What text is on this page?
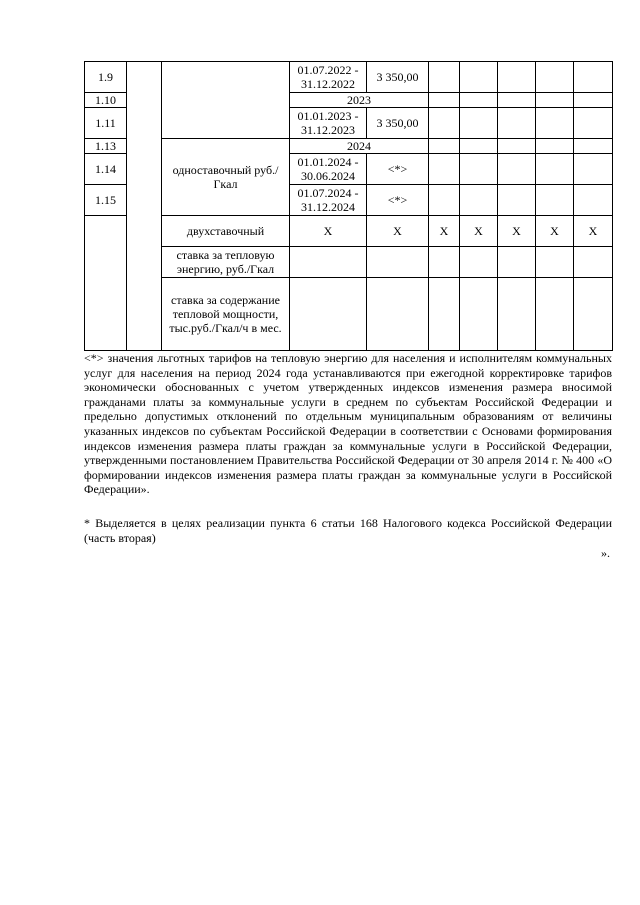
1.9			01.07.2022 - 31.12.2022	3 350,00						
1.10			2023							
1.11			01.01.2023 - 31.12.2023	3 350,00						
1.13		одноставочный руб./Гкал	2024							
1.14			01.01.2024 - 30.06.2024	<*>						
1.15			01.07.2024 - 31.12.2024	<*>						
		двухставочный	Х	Х	Х	Х	Х	Х	Х	
		ставка за тепловую энергию, руб./Гкал								
		ставка за содержание тепловой мощности, тыс.руб./Гкал/ч в мес.								

<*> значения льготных тарифов на тепловую энергию для населения и исполнителям коммунальных услуг для населения на период 2024 года устанавливаются при ежегодной корректировке тарифов экономически обоснованных с учетом утвержденных индексов изменения размера вносимой гражданами платы за коммунальные услуги в среднем по субъектам Российской Федерации и предельно допустимых отклонений по отдельным муниципальным образованиям от величины указанных индексов по субъектам Российской Федерации в соответствии с Основами формирования индексов изменения размера платы граждан за коммунальные услуги в Российской Федерации, утвержденными постановлением Правительства Российской Федерации от 30 апреля 2014 г. № 400 «О формировании индексов изменения размера платы граждан за коммунальные услуги в Российской Федерации».

* Выделяется в целях реализации пункта 6 статьи 168 Налогового кодекса Российской Федерации (часть вторая)

».
